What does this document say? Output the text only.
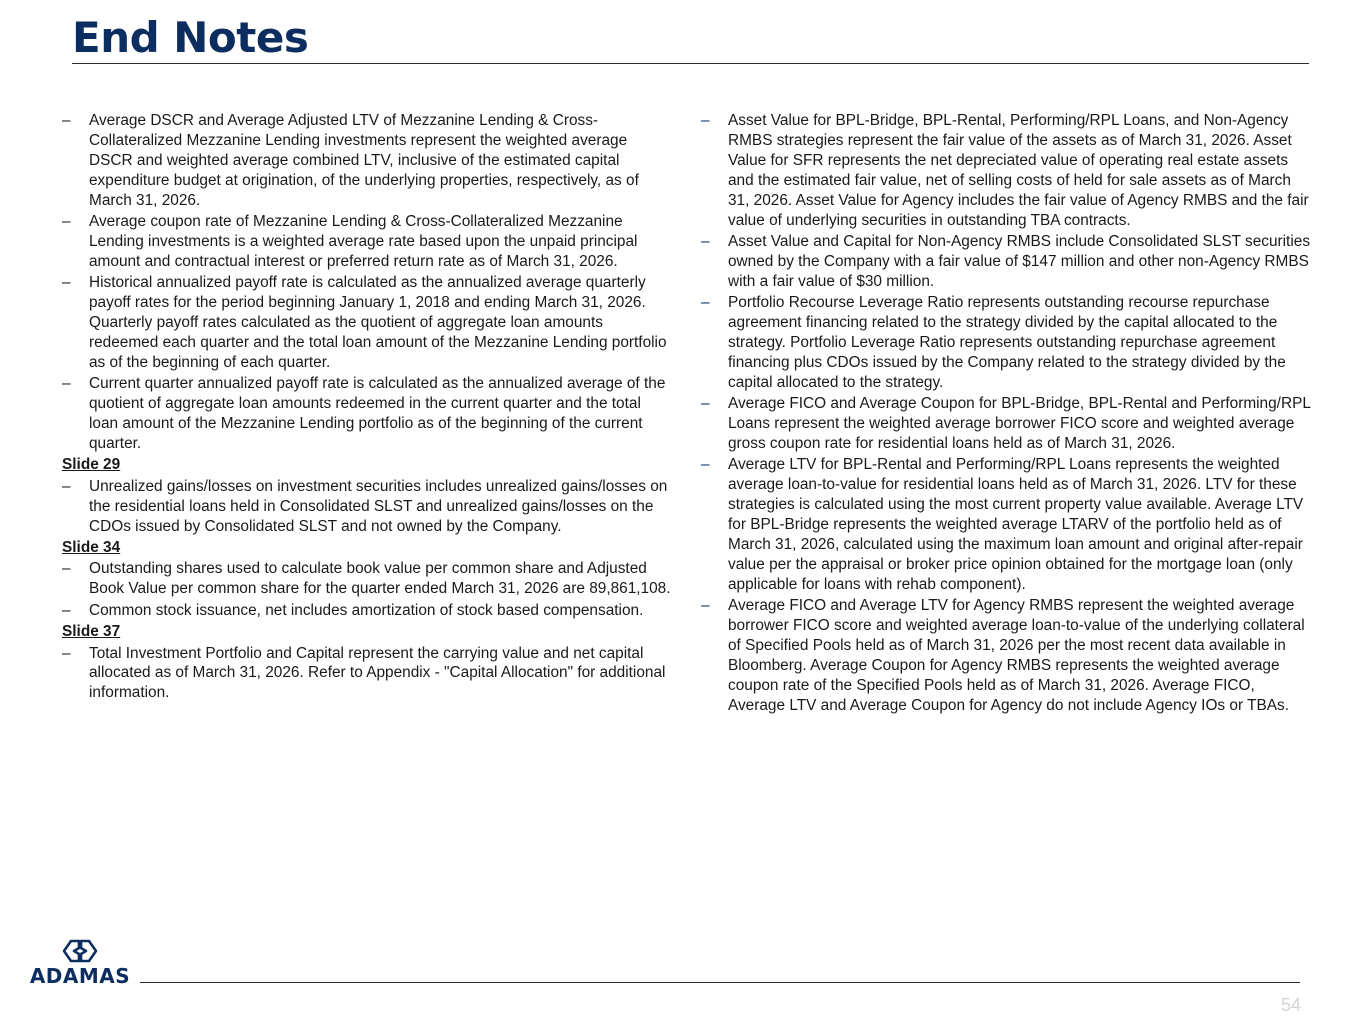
End Notes
–	Average DSCR and Average Adjusted LTV of Mezzanine Lending & Cross-Collateralized Mezzanine Lending investments represent the weighted average DSCR and weighted average combined LTV, inclusive of the estimated capital expenditure budget at origination, of the underlying properties, respectively, as of March 31, 2026.
–	Average coupon rate of Mezzanine Lending & Cross-Collateralized Mezzanine Lending investments is a weighted average rate based upon the unpaid principal amount and contractual interest or preferred return rate as of March 31, 2026.
–	Historical annualized payoff rate is calculated as the annualized average quarterly payoff rates for the period beginning January 1, 2018 and ending March 31, 2026. Quarterly payoff rates calculated as the quotient of aggregate loan amounts redeemed each quarter and the total loan amount of the Mezzanine Lending portfolio as of the beginning of each quarter.
–	Current quarter annualized payoff rate is calculated as the annualized average of the quotient of aggregate loan amounts redeemed in the current quarter and the total loan amount of the Mezzanine Lending portfolio as of the beginning of the current quarter.
Slide 29
–	Unrealized gains/losses on investment securities includes unrealized gains/losses on the residential loans held in Consolidated SLST and unrealized gains/losses on the CDOs issued by Consolidated SLST and not owned by the Company.
Slide 34
–	Outstanding shares used to calculate book value per common share and Adjusted Book Value per common share for the quarter ended March 31, 2026 are 89,861,108.
–	Common stock issuance, net includes amortization of stock based compensation.
Slide 37
–	Total Investment Portfolio and Capital represent the carrying value and net capital allocated as of March 31, 2026. Refer to Appendix - "Capital Allocation" for additional information.
–	Asset Value for BPL-Bridge, BPL-Rental, Performing/RPL Loans, and Non-Agency RMBS strategies represent the fair value of the assets as of March 31, 2026. Asset Value for SFR represents the net depreciated value of operating real estate assets and the estimated fair value, net of selling costs of held for sale assets as of March 31, 2026. Asset Value for Agency includes the fair value of Agency RMBS and the fair value of underlying securities in outstanding TBA contracts.
–	Asset Value and Capital for Non-Agency RMBS include Consolidated SLST securities owned by the Company with a fair value of $147 million and other non-Agency RMBS with a fair value of $30 million.
–	Portfolio Recourse Leverage Ratio represents outstanding recourse repurchase agreement financing related to the strategy divided by the capital allocated to the strategy. Portfolio Leverage Ratio represents outstanding repurchase agreement financing plus CDOs issued by the Company related to the strategy divided by the capital allocated to the strategy.
–	Average FICO and Average Coupon for BPL-Bridge, BPL-Rental and Performing/RPL Loans represent the weighted average borrower FICO score and weighted average gross coupon rate for residential loans held as of March 31, 2026.
–	Average LTV for BPL-Rental and Performing/RPL Loans represents the weighted average loan-to-value for residential loans held as of March 31, 2026. LTV for these strategies is calculated using the most current property value available. Average LTV for BPL-Bridge represents the weighted average LTARV of the portfolio held as of March 31, 2026, calculated using the maximum loan amount and original after-repair value per the appraisal or broker price opinion obtained for the mortgage loan (only applicable for loans with rehab component).
–	Average FICO and Average LTV for Agency RMBS represent the weighted average borrower FICO score and weighted average loan-to-value of the underlying collateral of Specified Pools held as of March 31, 2026 per the most recent data available in Bloomberg. Average Coupon for Agency RMBS represents the weighted average coupon rate of the Specified Pools held as of March 31, 2026. Average FICO, Average LTV and Average Coupon for Agency do not include Agency IOs or TBAs.
ADAMAS
54
